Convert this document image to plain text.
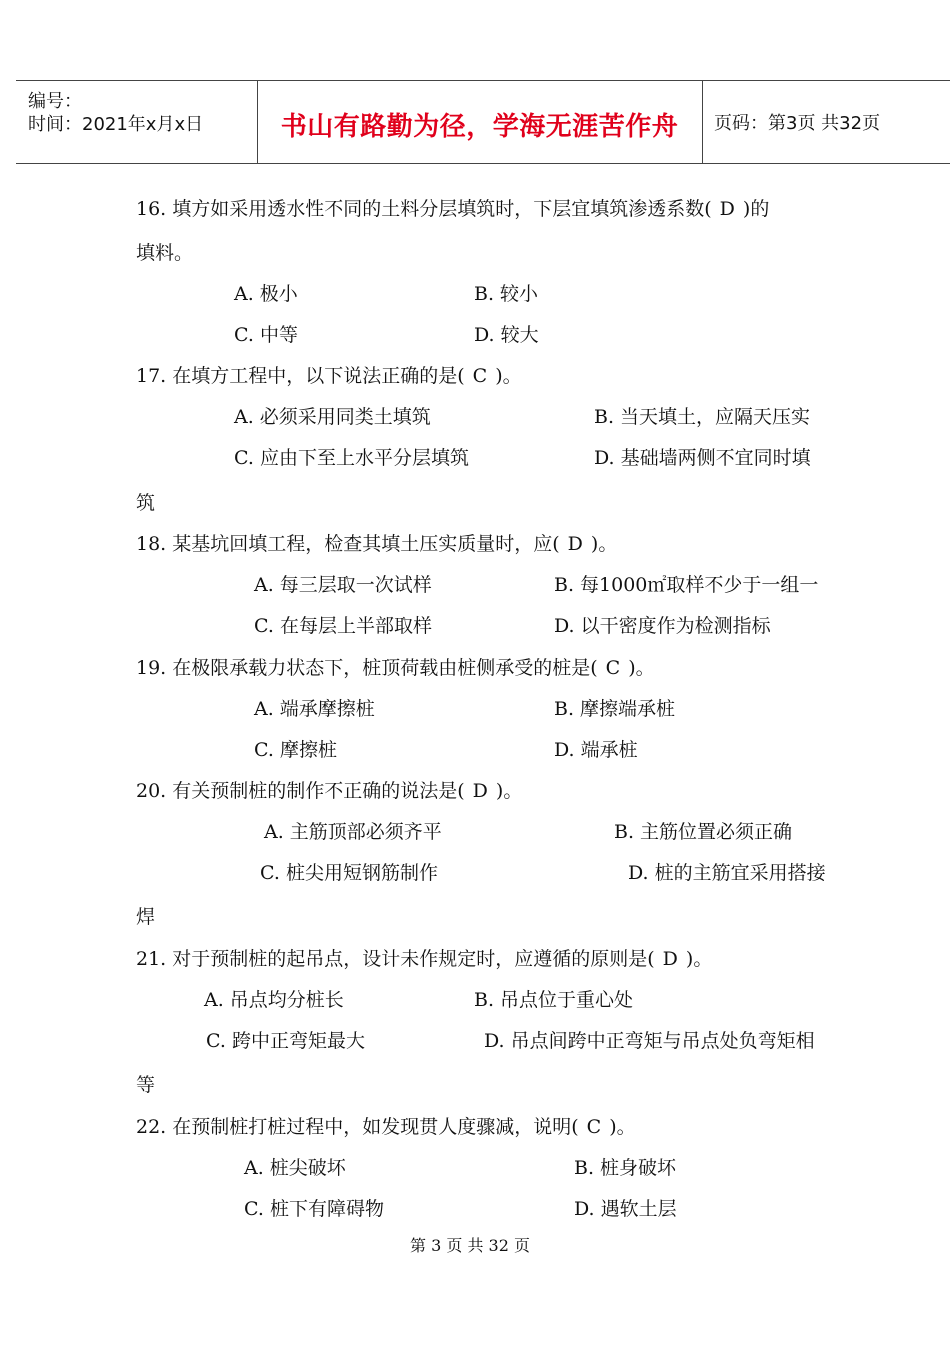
编号：
时间：2021年x月x日	书山有路勤为径，学海无涯苦作舟 页码：第3页 共32页
16. 填方如采用透水性不同的土料分层填筑时，下层宜填筑渗透系数( D )的
填料。
A. 极小	B. 较小
C. 中等	D. 较大
17. 在填方工程中，以下说法正确的是( C )。
A. 必须采用同类土填筑	B. 当天填土，应隔天压实
C. 应由下至上水平分层填筑	D. 基础墙两侧不宜同时填
筑
18. 某基坑回填工程，检查其填土压实质量时，应( D )。
A. 每三层取一次试样	B. 每1000㎡取样不少于一组一
C. 在每层上半部取样	D. 以干密度作为检测指标
19. 在极限承载力状态下，桩顶荷载由桩侧承受的桩是( C )。
A. 端承摩擦桩	B. 摩擦端承桩
C. 摩擦桩	D. 端承桩
20. 有关预制桩的制作不正确的说法是( D )。
A. 主筋顶部必须齐平	B. 主筋位置必须正确
C. 桩尖用短钢筋制作	D. 桩的主筋宜采用搭接
焊
21. 对于预制桩的起吊点，设计未作规定时，应遵循的原则是( D )。
A. 吊点均分桩长	B. 吊点位于重心处
C. 跨中正弯矩最大	D. 吊点间跨中正弯矩与吊点处负弯矩相
等
22. 在预制桩打桩过程中，如发现贯人度骤减，说明( C )。
A. 桩尖破坏	B. 桩身破坏
C. 桩下有障碍物	D. 遇软土层
第 3 页 共 32 页
